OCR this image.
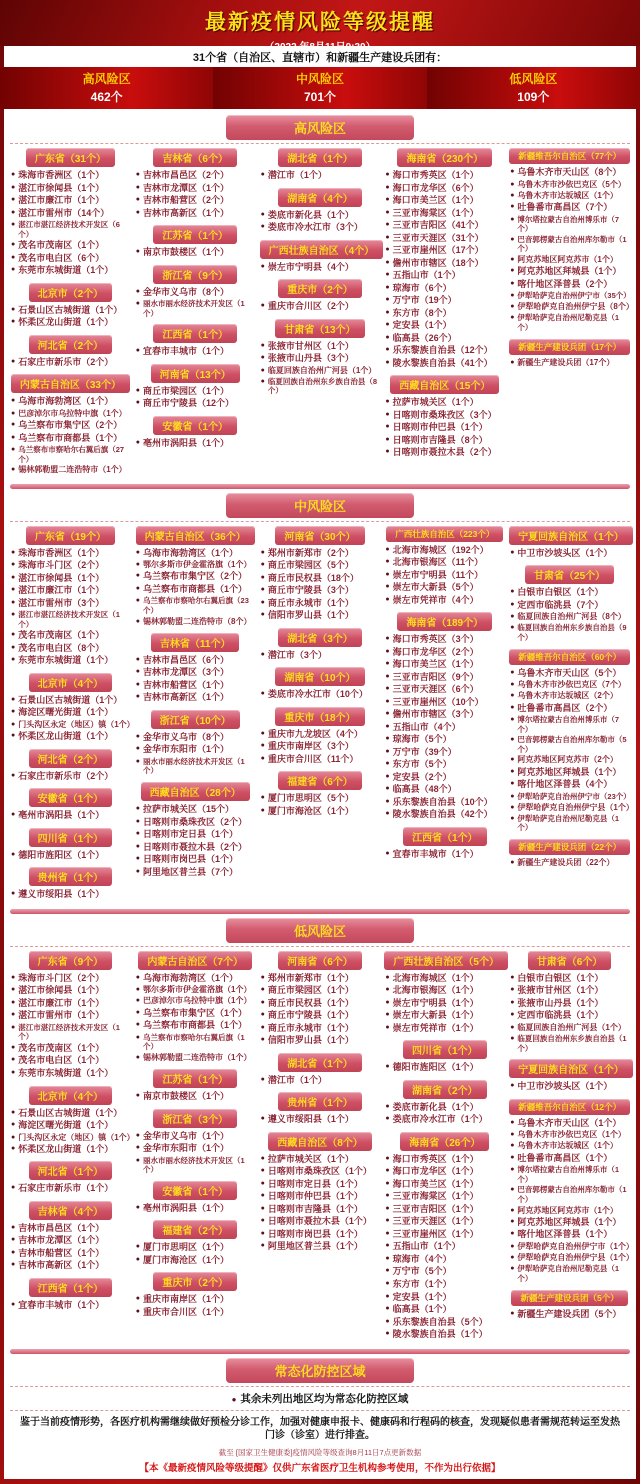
最新疫情风险等级提醒
（2022 年8月11日9:30）
31个省（自治区、直辖市）和新疆生产建设兵团有：
高风险区
462个
中风险区
701个
低风险区
109个
高风险区
广东省（31个）
● 珠海市香洲区（1个）
● 湛江市徐闻县（1个）
● 湛江市廉江市（1个）
● 湛江市雷州市（14个）
● 湛江市湛江经济技术开发区（6个）
● 茂名市茂南区（1个）
● 茂名市电白区（6个）
● 东莞市东城街道（1个）
北京市（2个）
● 石景山区古城街道（1个）
● 怀柔区龙山街道（1个）
河北省（2个）
● 石家庄市新乐市（2个）
内蒙古自治区（33个）
● 乌海市海勃湾区（1个）
● 巴彦淖尔市乌拉特中旗（1个）
● 乌兰察布市集宁区（2个）
● 乌兰察布市商都县（1个）
● 乌兰察布市察哈尔右翼后旗（27个）
● 锡林郭勒盟二连浩特市（1个）
吉林省（6个）
● 吉林市昌邑区（2个）
● 吉林市龙潭区（1个）
● 吉林市船营区（2个）
● 吉林市高新区（1个）
江苏省（1个）
● 南京市鼓楼区（1个）
浙江省（9个）
● 金华市义乌市（8个）
● 丽水市丽水经济技术开发区（1个）
江西省（1个）
● 宜春市丰城市（1个）
河南省（13个）
● 商丘市梁园区（1个）
● 商丘市宁陵县（12个）
安徽省（1个）
● 亳州市涡阳县（1个）
湖北省（1个）
● 潜江市（1个）
湖南省（4个）
● 娄底市新化县（1个）
● 娄底市冷水江市（3个）
广西壮族自治区（4个）
● 崇左市宁明县（4个）
重庆市（2个）
● 重庆市合川区（2个）
甘肃省（13个）
● 张掖市甘州区（1个）
● 张掖市山丹县（3个）
● 临夏回族自治州广河县（1个）
● 临夏回族自治州东乡族自治县（8个）
海南省（230个）
● 海口市秀英区（1个）
● 海口市龙华区（6个）
● 海口市美兰区（1个）
● 三亚市海棠区（1个）
● 三亚市吉阳区（41个）
● 三亚市天涯区（31个）
● 三亚市崖州区（17个）
● 儋州市市辖区（18个）
● 五指山市（1个）
● 琼海市（6个）
● 万宁市（19个）
● 东方市（8个）
● 定安县（1个）
● 临高县（26个）
● 乐东黎族自治县（12个）
● 陵水黎族自治县（41个）
西藏自治区（15个）
● 拉萨市城关区（1个）
● 日喀则市桑珠孜区（3个）
● 日喀则市仲巴县（1个）
● 日喀则市吉隆县（8个）
● 日喀则市聂拉木县（2个）
新疆维吾尔自治区（77个）
● 乌鲁木齐市天山区（8个）
● 乌鲁木齐市沙依巴克区（5个）
● 乌鲁木齐市达坂城区（1个）
● 吐鲁番市高昌区（7个）
● 博尔塔拉蒙古自治州博乐市（7个）
● 巴音郭楞蒙古自治州库尔勒市（1个）
● 阿克苏地区阿克苏市（1个）
● 阿克苏地区拜城县（1个）
● 喀什地区泽普县（2个）
● 伊犁哈萨克自治州伊宁市（35个）
● 伊犁哈萨克自治州伊宁县（8个）
● 伊犁哈萨克自治州尼勒克县（1个）
新疆生产建设兵团（17个）
● 新疆生产建设兵团（17个）
中风险区
广东省（19个）
● 珠海市香洲区（1个）
● 珠海市斗门区（2个）
● 湛江市徐闻县（1个）
● 湛江市廉江市（1个）
● 湛江市雷州市（3个）
● 湛江市湛江经济技术开发区（1个）
● 茂名市茂南区（1个）
● 茂名市电白区（8个）
● 东莞市东城街道（1个）
北京市（4个）
● 石景山区古城街道（1个）
● 海淀区曙光街道（1个）
● 门头沟区永定（地区）镇（1个）
● 怀柔区龙山街道（1个）
河北省（2个）
● 石家庄市新乐市（2个）
安徽省（1个）
● 亳州市涡阳县（1个）
四川省（1个）
● 德阳市旌阳区（1个）
贵州省（1个）
● 遵义市绥阳县（1个）
内蒙古自治区（36个）
● 乌海市海勃湾区（1个）
● 鄂尔多斯市伊金霍洛旗（1个）
● 乌兰察布市集宁区（2个）
● 乌兰察布市商都县（1个）
● 乌兰察布市察哈尔右翼后旗（23个）
● 锡林郭勒盟二连浩特市（8个）
吉林省（11个）
● 吉林市昌邑区（6个）
● 吉林市龙潭区（3个）
● 吉林市船营区（1个）
● 吉林市高新区（1个）
浙江省（10个）
● 金华市义乌市（8个）
● 金华市东阳市（1个）
● 丽水市丽水经济技术开发区（1个）
西藏自治区（28个）
● 拉萨市城关区（15个）
● 日喀则市桑珠孜区（2个）
● 日喀则市定日县（1个）
● 日喀则市聂拉木县（2个）
● 日喀则市岗巴县（1个）
● 阿里地区普兰县（7个）
河南省（30个）
● 郑州市新郑市（2个）
● 商丘市梁园区（5个）
● 商丘市民权县（18个）
● 商丘市宁陵县（3个）
● 商丘市永城市（1个）
● 信阳市罗山县（1个）
湖北省（3个）
● 潜江市（3个）
湖南省（10个）
● 娄底市冷水江市（10个）
重庆市（18个）
● 重庆市九龙坡区（4个）
● 重庆市南岸区（3个）
● 重庆市合川区（11个）
福建省（6个）
● 厦门市思明区（5个）
● 厦门市海沧区（1个）
广西壮族自治区（223个）
● 北海市海城区（192个）
● 北海市银海区（11个）
● 崇左市宁明县（11个）
● 崇左市大新县（5个）
● 崇左市凭祥市（4个）
海南省（189个）
● 海口市秀英区（3个）
● 海口市龙华区（2个）
● 海口市美兰区（1个）
● 三亚市吉阳区（9个）
● 三亚市天涯区（6个）
● 三亚市崖州区（10个）
● 儋州市市辖区（3个）
● 五指山市（4个）
● 琼海市（5个）
● 万宁市（39个）
● 东方市（5个）
● 定安县（2个）
● 临高县（48个）
● 乐东黎族自治县（10个）
● 陵水黎族自治县（42个）
江西省（1个）
● 宜春市丰城市（1个）
宁夏回族自治区（1个）
● 中卫市沙坡头区（1个）
甘肃省（25个）
● 白银市白银区（1个）
● 定西市临洮县（7个）
● 临夏回族自治州广河县（8个）
● 临夏回族自治州东乡族自治县（9个）
新疆维吾尔自治区（60个）
● 乌鲁木齐市天山区（5个）
● 乌鲁木齐市沙依巴克区（7个）
● 乌鲁木齐市达坂城区（2个）
● 吐鲁番市高昌区（2个）
● 博尔塔拉蒙古自治州博乐市（7个）
● 巴音郭楞蒙古自治州库尔勒市（5个）
● 阿克苏地区阿克苏市（2个）
● 阿克苏地区拜城县（1个）
● 喀什地区泽普县（4个）
● 伊犁哈萨克自治州伊宁市（23个）
● 伊犁哈萨克自治州伊宁县（1个）
● 伊犁哈萨克自治州尼勒克县（1个）
新疆生产建设兵团（22个）
● 新疆生产建设兵团（22个）
低风险区
广东省（9个）
● 珠海市斗门区（2个）
● 湛江市徐闻县（1个）
● 湛江市廉江市（1个）
● 湛江市雷州市（1个）
● 湛江市湛江经济技术开发区（1个）
● 茂名市茂南区（1个）
● 茂名市电白区（1个）
● 东莞市东城街道（1个）
北京市（4个）
● 石景山区古城街道（1个）
● 海淀区曙光街道（1个）
● 门头沟区永定（地区）镇（1个）
● 怀柔区龙山街道（1个）
河北省（1个）
● 石家庄市新乐市（1个）
吉林省（4个）
● 吉林市昌邑区（1个）
● 吉林市龙潭区（1个）
● 吉林市船营区（1个）
● 吉林市高新区（1个）
江西省（1个）
● 宜春市丰城市（1个）
内蒙古自治区（7个）
● 乌海市海勃湾区（1个）
● 鄂尔多斯市伊金霍洛旗（1个）
● 巴彦淖尔市乌拉特中旗（1个）
● 乌兰察布市集宁区（1个）
● 乌兰察布市商都县（1个）
● 乌兰察布市察哈尔右翼后旗（1个）
● 锡林郭勒盟二连浩特市（1个）
江苏省（1个）
● 南京市鼓楼区（1个）
浙江省（3个）
● 金华市义乌市（1个）
● 金华市东阳市（1个）
● 丽水市丽水经济技术开发区（1个）
安徽省（1个）
● 亳州市涡阳县（1个）
福建省（2个）
● 厦门市思明区（1个）
● 厦门市海沧区（1个）
重庆市（2个）
● 重庆市南岸区（1个）
● 重庆市合川区（1个）
河南省（6个）
● 郑州市新郑市（1个）
● 商丘市梁园区（1个）
● 商丘市民权县（1个）
● 商丘市宁陵县（1个）
● 商丘市永城市（1个）
● 信阳市罗山县（1个）
湖北省（1个）
● 潜江市（1个）
贵州省（1个）
● 遵义市绥阳县（1个）
西藏自治区（8个）
● 拉萨市城关区（1个）
● 日喀则市桑珠孜区（1个）
● 日喀则市定日县（1个）
● 日喀则市仲巴县（1个）
● 日喀则市吉隆县（1个）
● 日喀则市聂拉木县（1个）
● 日喀则市岗巴县（1个）
● 阿里地区普兰县（1个）
广西壮族自治区（5个）
● 北海市海城区（1个）
● 北海市银海区（1个）
● 崇左市宁明县（1个）
● 崇左市大新县（1个）
● 崇左市凭祥市（1个）
四川省（1个）
● 德阳市旌阳区（1个）
湖南省（2个）
● 娄底市新化县（1个）
● 娄底市冷水江市（1个）
海南省（26个）
● 海口市秀英区（1个）
● 海口市龙华区（1个）
● 海口市美兰区（1个）
● 三亚市海棠区（1个）
● 三亚市吉阳区（1个）
● 三亚市天涯区（1个）
● 三亚市崖州区（1个）
● 五指山市（1个）
● 琼海市（4个）
● 万宁市（5个）
● 东方市（1个）
● 定安县（1个）
● 临高县（1个）
● 乐东黎族自治县（5个）
● 陵水黎族自治县（1个）
甘肃省（6个）
● 白银市白银区（1个）
● 张掖市甘州区（1个）
● 张掖市山丹县（1个）
● 定西市临洮县（1个）
● 临夏回族自治州广河县（1个）
● 临夏回族自治州东乡族自治县（1个）
宁夏回族自治区（1个）
● 中卫市沙坡头区（1个）
新疆维吾尔自治区（12个）
● 乌鲁木齐市天山区（1个）
● 乌鲁木齐市沙依巴克区（1个）
● 乌鲁木齐市达坂城区（1个）
● 吐鲁番市高昌区（1个）
● 博尔塔拉蒙古自治州博乐市（1个）
● 巴音郭楞蒙古自治州库尔勒市（1个）
● 阿克苏地区阿克苏市（1个）
● 阿克苏地区拜城县（1个）
● 喀什地区泽普县（1个）
● 伊犁哈萨克自治州伊宁市（1个）
● 伊犁哈萨克自治州伊宁县（1个）
● 伊犁哈萨克自治州尼勒克县（1个）
新疆生产建设兵团（5个）
● 新疆生产建设兵团（5个）
常态化防控区域
● 其余未列出地区均为常态化防控区域
鉴于当前疫情形势，各医疗机构需继续做好预检分诊工作，加强对健康申报卡、健康码和行程码的核查，发现疑似患者需规范转运至发热门诊（诊室）进行排查。
截至 [国家卫生健康委]疫情风险等级查询8月11日7点更新数据
【本《最新疫情风险等级提醒》仅供广东省医疗卫生机构参考使用，不作为出行依据】
